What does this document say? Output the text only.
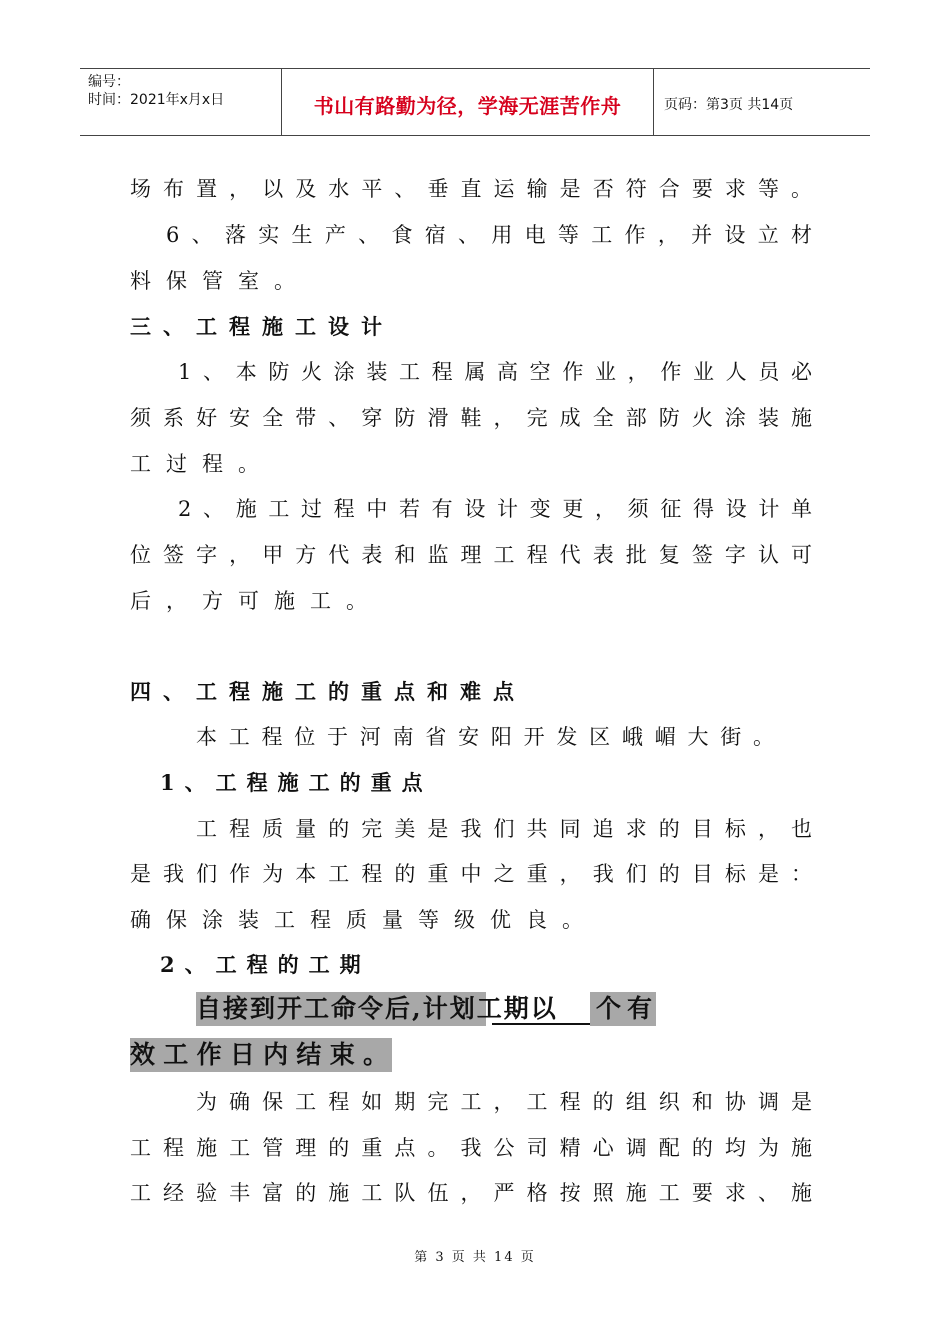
编号：
时间：2021年x月x日	书山有路勤为径，学海无涯苦作舟	页码：第3页 共14页
场布置，以及水平、垂直运输是否符合要求等。
6、落实生产、食宿、用电等工作，并设立材
料保管室。
三、工程施工设计
1、本防火涂装工程属高空作业，作业人员必
须系好安全带、穿防滑鞋，完成全部防火涂装施
工过程。
2、施工过程中若有设计变更，须征得设计单
位签字，甲方代表和监理工程代表批复签字认可
后，方可施工。
四、工程施工的重点和难点
本工程位于河南省安阳开发区峨嵋大街。
1、工程施工的重点
工程质量的完美是我们共同追求的目标，也
是我们作为本工程的重中之重，我们的目标是：
确保涂装工程质量等级优良。
2、工程的工期
自接到开工命令后,计划工期以 个有
效工作日内结束。
为确保工程如期完工，工程的组织和协调是
工程施工管理的重点。我公司精心调配的均为施
工经验丰富的施工队伍，严格按照施工要求、施
第 3 页 共 14 页
